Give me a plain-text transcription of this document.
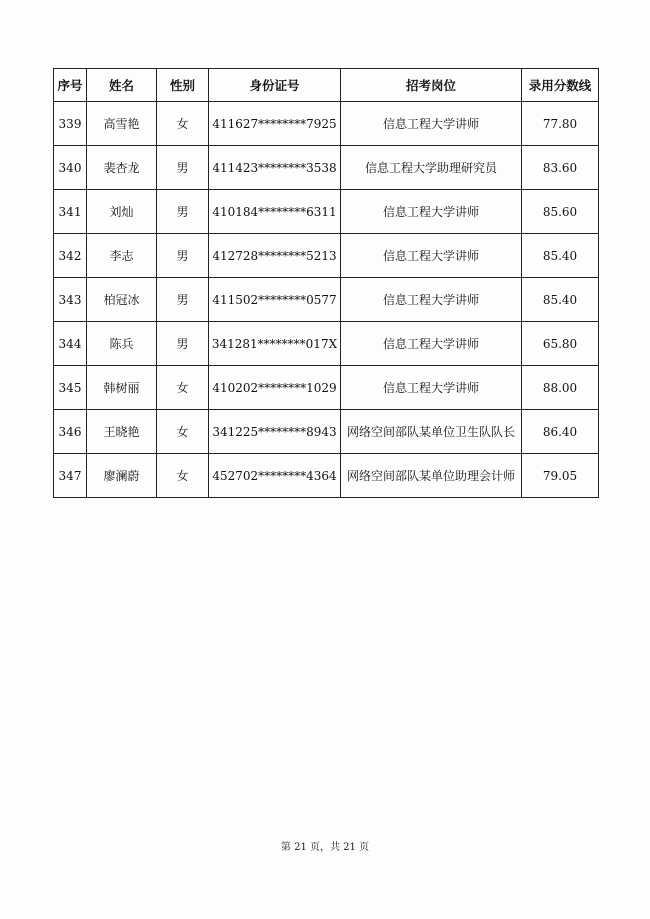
序号	姓名	性别	身份证号	招考岗位	录用分数线
339	高雪艳	女	411627********7925	信息工程大学讲师	77.80
340	裴杏龙	男	411423********3538	信息工程大学助理研究员	83.60
341	刘灿	男	410184********6311	信息工程大学讲师	85.60
342	李志	男	412728********5213	信息工程大学讲师	85.40
343	柏冠冰	男	411502********0577	信息工程大学讲师	85.40
344	陈兵	男	341281********017X	信息工程大学讲师	65.80
345	韩树丽	女	410202********1029	信息工程大学讲师	88.00
346	王晓艳	女	341225********8943	网络空间部队某单位卫生队队长	86.40
347	廖澜蔚	女	452702********4364	网络空间部队某单位助理会计师	79.05
第 21 页，共 21 页
